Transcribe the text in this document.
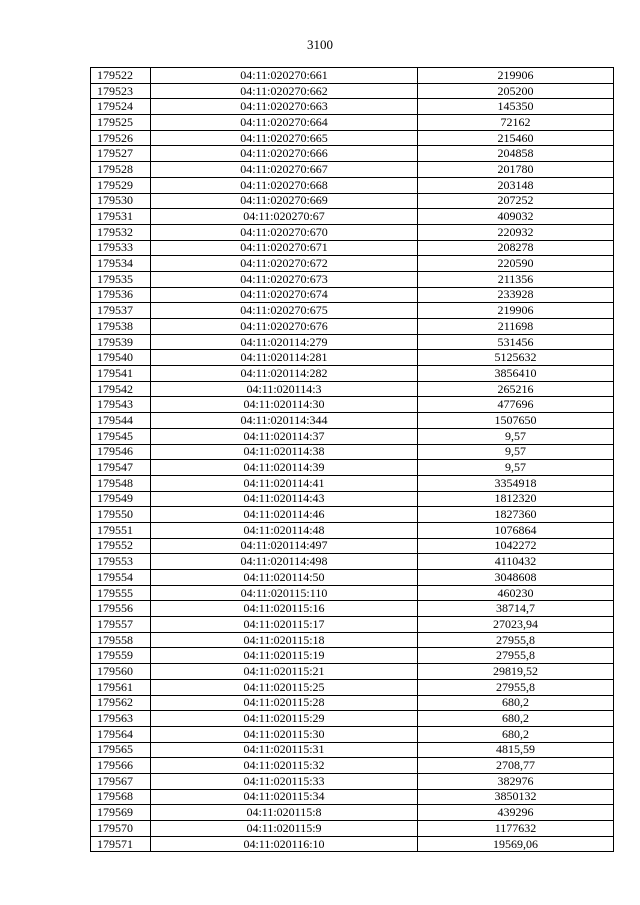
3100
179522	04:11:020270:661	219906
179523	04:11:020270:662	205200
179524	04:11:020270:663	145350
179525	04:11:020270:664	72162
179526	04:11:020270:665	215460
179527	04:11:020270:666	204858
179528	04:11:020270:667	201780
179529	04:11:020270:668	203148
179530	04:11:020270:669	207252
179531	04:11:020270:67	409032
179532	04:11:020270:670	220932
179533	04:11:020270:671	208278
179534	04:11:020270:672	220590
179535	04:11:020270:673	211356
179536	04:11:020270:674	233928
179537	04:11:020270:675	219906
179538	04:11:020270:676	211698
179539	04:11:020114:279	531456
179540	04:11:020114:281	5125632
179541	04:11:020114:282	3856410
179542	04:11:020114:3	265216
179543	04:11:020114:30	477696
179544	04:11:020114:344	1507650
179545	04:11:020114:37	9,57
179546	04:11:020114:38	9,57
179547	04:11:020114:39	9,57
179548	04:11:020114:41	3354918
179549	04:11:020114:43	1812320
179550	04:11:020114:46	1827360
179551	04:11:020114:48	1076864
179552	04:11:020114:497	1042272
179553	04:11:020114:498	4110432
179554	04:11:020114:50	3048608
179555	04:11:020115:110	460230
179556	04:11:020115:16	38714,7
179557	04:11:020115:17	27023,94
179558	04:11:020115:18	27955,8
179559	04:11:020115:19	27955,8
179560	04:11:020115:21	29819,52
179561	04:11:020115:25	27955,8
179562	04:11:020115:28	680,2
179563	04:11:020115:29	680,2
179564	04:11:020115:30	680,2
179565	04:11:020115:31	4815,59
179566	04:11:020115:32	2708,77
179567	04:11:020115:33	382976
179568	04:11:020115:34	3850132
179569	04:11:020115:8	439296
179570	04:11:020115:9	1177632
179571	04:11:020116:10	19569,06
